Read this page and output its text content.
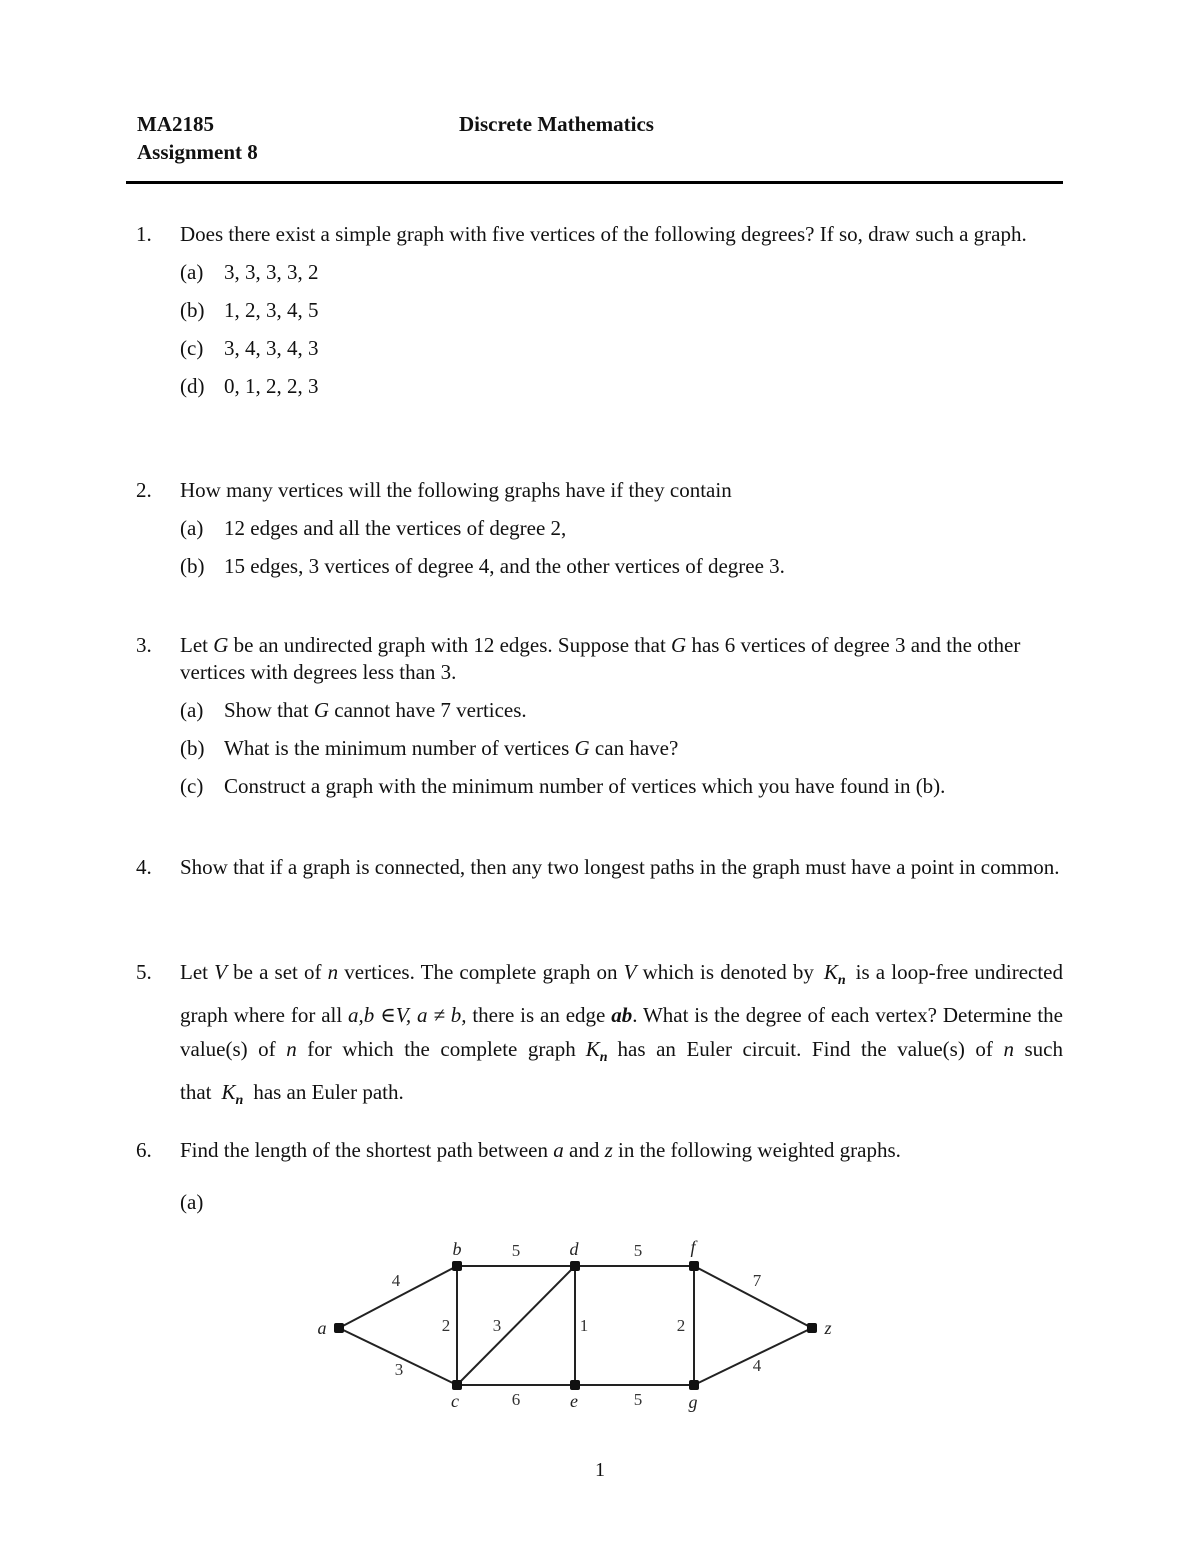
MA2185	Discrete Mathematics
Assignment 8
1. Does there exist a simple graph with five vertices of the following degrees? If so, draw such a graph.
(a) 3, 3, 3, 3, 2
(b) 1, 2, 3, 4, 5
(c) 3, 4, 3, 4, 3
(d) 0, 1, 2, 2, 3
2. How many vertices will the following graphs have if they contain
(a) 12 edges and all the vertices of degree 2,
(b) 15 edges, 3 vertices of degree 4, and the other vertices of degree 3.
3. Let G be an undirected graph with 12 edges. Suppose that G has 6 vertices of degree 3 and the other vertices with degrees less than 3.
(a) Show that G cannot have 7 vertices.
(b) What is the minimum number of vertices G can have?
(c) Construct a graph with the minimum number of vertices which you have found in (b).
4. Show that if a graph is connected, then any two longest paths in the graph must have a point in common.
5. Let V be a set of n vertices. The complete graph on V which is denoted by $K_n$ is a loop-free undirected graph where for all a,b ∈V, a ≠ b, there is an edge ab. What is the degree of each vertex? Determine the value(s) of n for which the complete graph $K_n$ has an Euler circuit. Find the value(s) of n such that $K_n$ has an Euler path.
6. Find the length of the shortest path between a and z in the following weighted graphs.
(a)
4
3
2
5
3
6
1
5
5
2
7
4
a
b
c
d
e
f
g
z
1
